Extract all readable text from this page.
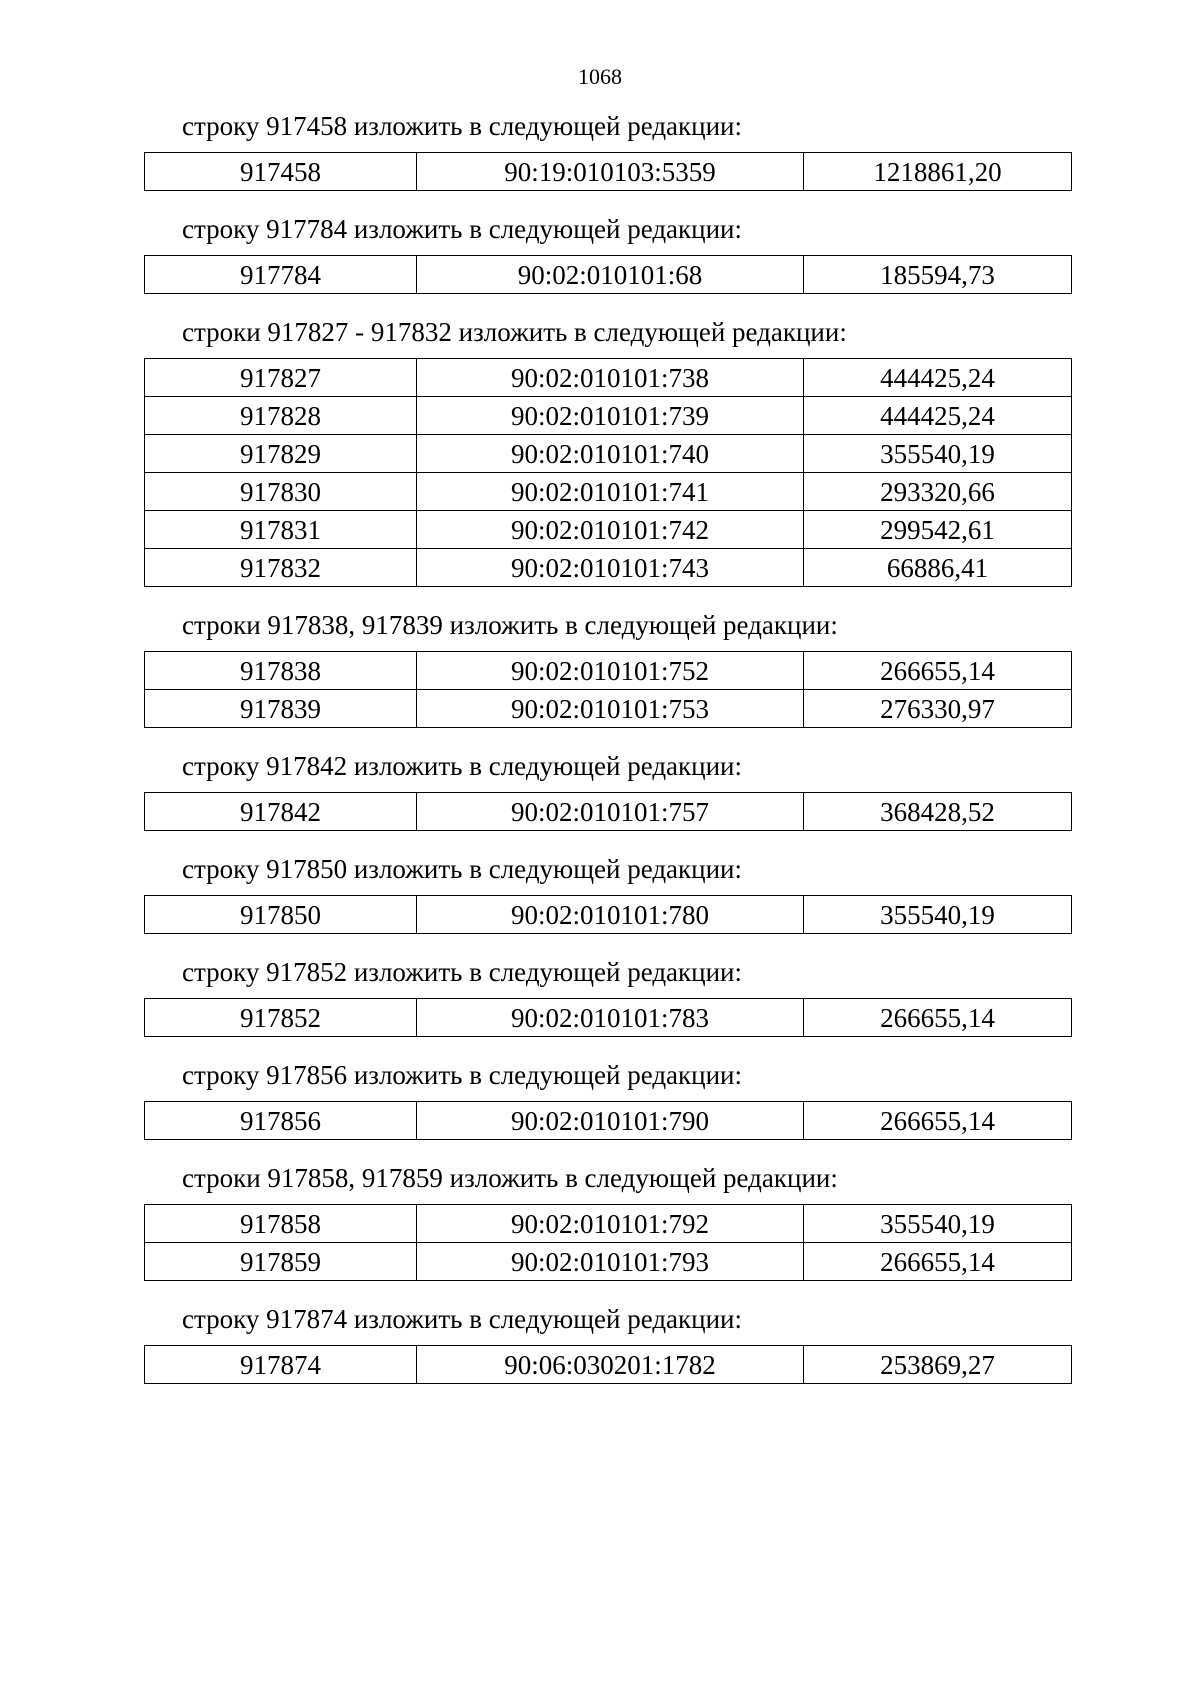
1068

строку 917458 изложить в следующей редакции:

917458	90:19:010103:5359	1218861,20

строку 917784 изложить в следующей редакции:

917784	90:02:010101:68	185594,73

строки 917827 - 917832 изложить в следующей редакции:

917827	90:02:010101:738	444425,24
917828	90:02:010101:739	444425,24
917829	90:02:010101:740	355540,19
917830	90:02:010101:741	293320,66
917831	90:02:010101:742	299542,61
917832	90:02:010101:743	66886,41

строки 917838, 917839 изложить в следующей редакции:

917838	90:02:010101:752	266655,14
917839	90:02:010101:753	276330,97

строку 917842 изложить в следующей редакции:

917842	90:02:010101:757	368428,52

строку 917850 изложить в следующей редакции:

917850	90:02:010101:780	355540,19

строку 917852 изложить в следующей редакции:

917852	90:02:010101:783	266655,14

строку 917856 изложить в следующей редакции:

917856	90:02:010101:790	266655,14

строки 917858, 917859 изложить в следующей редакции:

917858	90:02:010101:792	355540,19
917859	90:02:010101:793	266655,14

строку 917874 изложить в следующей редакции:

917874	90:06:030201:1782	253869,27
